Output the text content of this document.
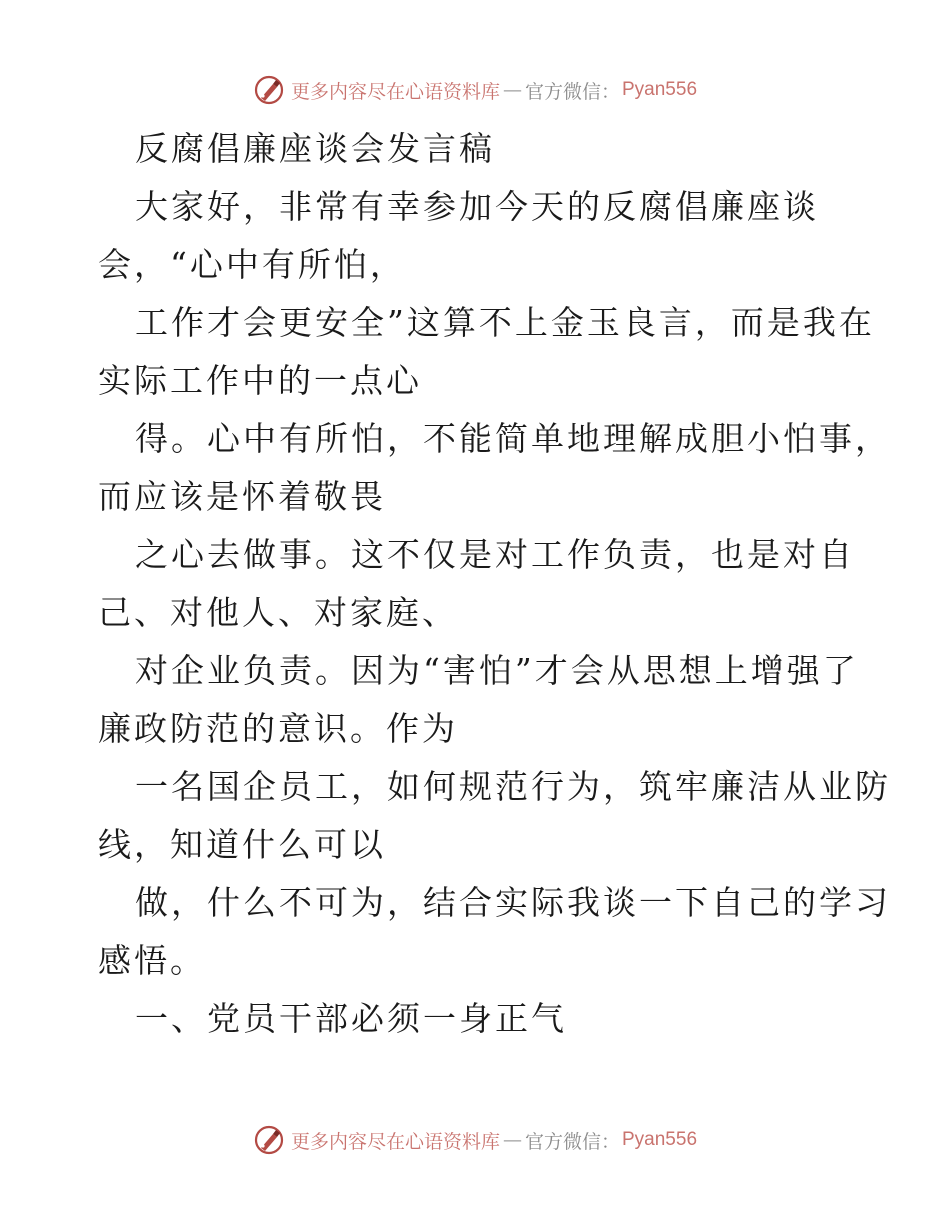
更多内容尽在心语资料库 — 官方微信： Pyan556

反腐倡廉座谈会发言稿

大家好，非常有幸参加今天的反腐倡廉座谈

会，“心中有所怕，

工作才会更安全”这算不上金玉良言，而是我在

实际工作中的一点心

得。心中有所怕，不能简单地理解成胆小怕事，

而应该是怀着敬畏

之心去做事。这不仅是对工作负责，也是对自

己、对他人、对家庭、

对企业负责。因为“害怕”才会从思想上增强了

廉政防范的意识。作为

一名国企员工，如何规范行为，筑牢廉洁从业防

线，知道什么可以

做，什么不可为，结合实际我谈一下自己的学习

感悟。

一、党员干部必须一身正气

更多内容尽在心语资料库 — 官方微信： Pyan556
